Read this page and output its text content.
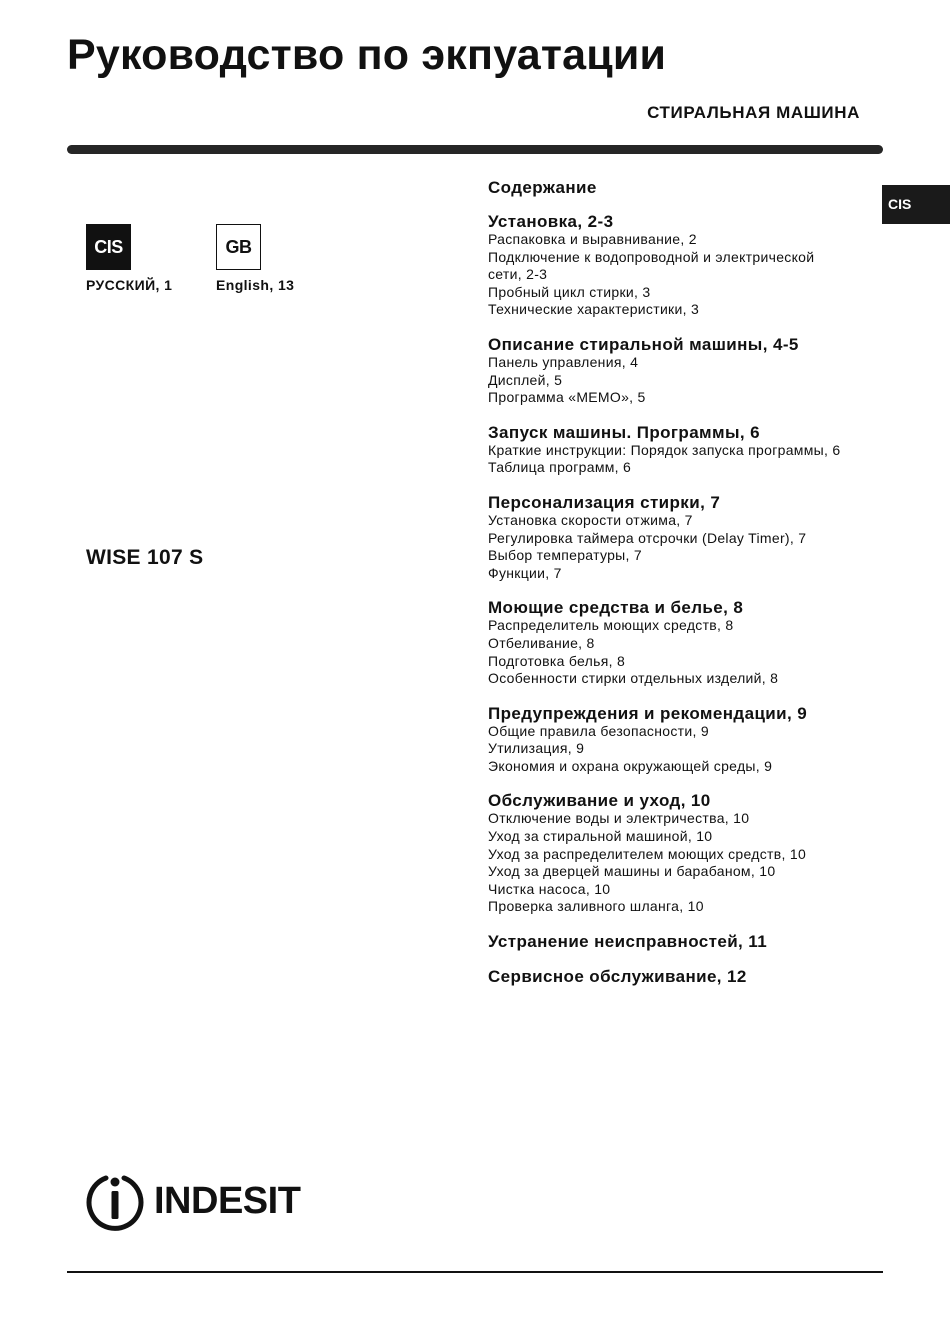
Руководство по экпуатации
СТИРАЛЬНАЯ МАШИНА
CIS
CIS
РУССКИЙ, 1
GB
English, 13
WISE 107 S
Содержание
Установка, 2-3
Распаковка и выравнивание, 2
Подключение к водопроводной и электрической
сети, 2-3
Пробный цикл стирки, 3
Технические характеристики, 3
Описание стиральной машины, 4-5
Панель управления, 4
Дисплей, 5
Программа «MEMO», 5
Запуск машины. Программы, 6
Краткие инструкции: Порядок запуска программы, 6
Таблица программ, 6
Персонализация стирки, 7
Установка скорости отжима, 7
Регулировка таймера отсрочки (Delay Timer), 7
Выбор температуры, 7
Функции, 7
Моющие средства и белье, 8
Распределитель моющих средств, 8
Отбеливание, 8
Подготовка белья, 8
Особенности стирки отдельных изделий, 8
Предупреждения и рекомендации, 9
Общие правила безопасности, 9
Утилизация, 9
Экономия и охрана окружающей среды, 9
Обслуживание и уход, 10
Отключение воды и электричества, 10
Уход за стиральной машиной, 10
Уход за распределителем моющих средств, 10
Уход за дверцей машины и барабаном, 10
Чистка насоса, 10
Проверка заливного шланга, 10
Устранение неисправностей, 11
Сервисное обслуживание, 12
INDESIT
